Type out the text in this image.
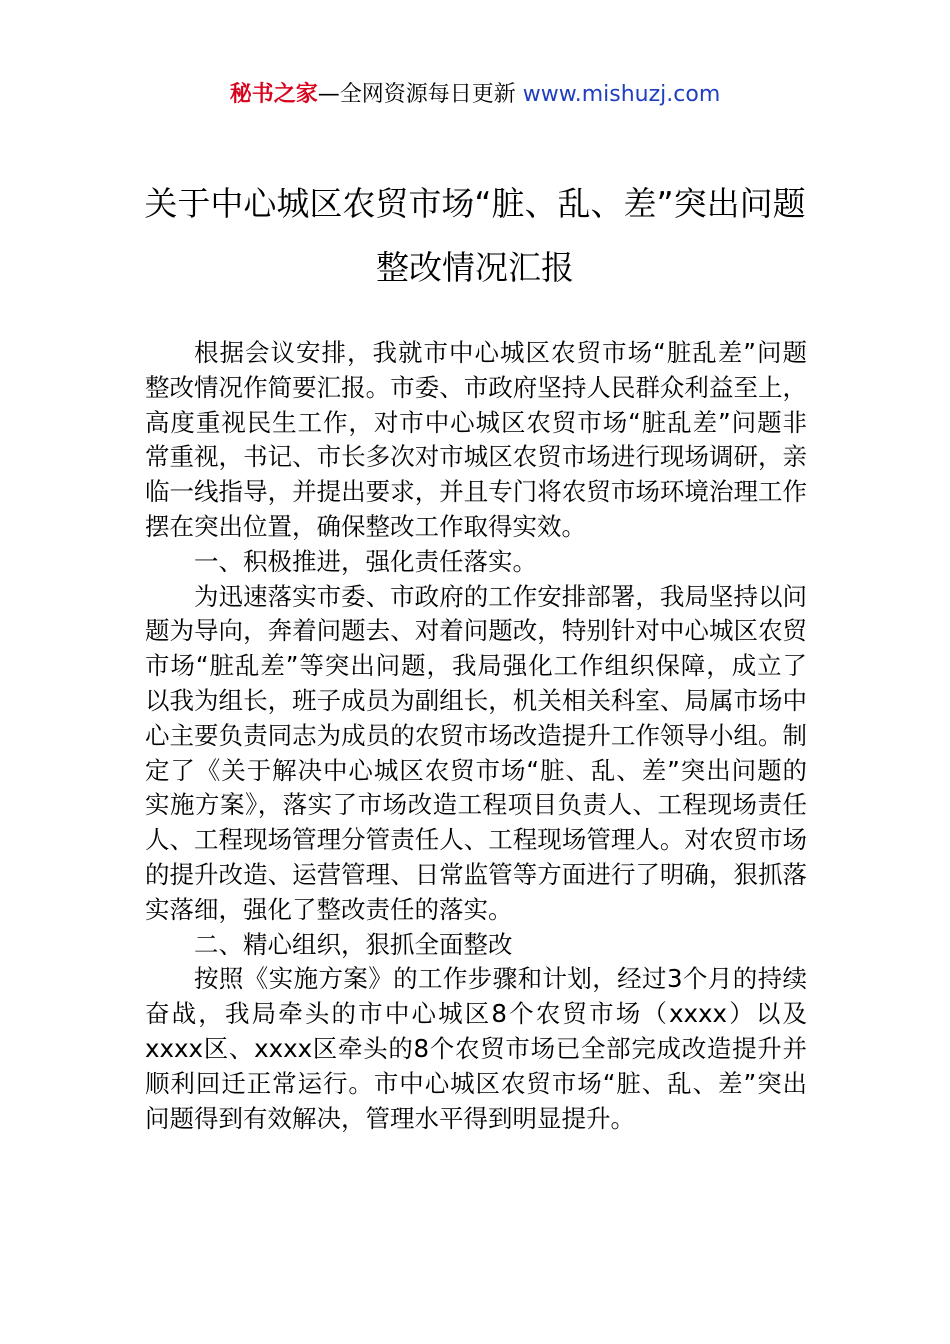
秘书之家—全网资源每日更新 www.mishuzj.com
关于中心城区农贸市场“脏、乱、差”突出问题整改情况汇报

根据会议安排，我就市中心城区农贸市场“脏乱差”问题整改情况作简要汇报。市委、市政府坚持人民群众利益至上，高度重视民生工作，对市中心城区农贸市场“脏乱差”问题非常重视，书记、市长多次对市城区农贸市场进行现场调研，亲临一线指导，并提出要求，并且专门将农贸市场环境治理工作摆在突出位置，确保整改工作取得实效。

一、积极推进，强化责任落实。

为迅速落实市委、市政府的工作安排部署，我局坚持以问题为导向，奔着问题去、对着问题改，特别针对中心城区农贸市场“脏乱差”等突出问题，我局强化工作组织保障，成立了以我为组长，班子成员为副组长，机关相关科室、局属市场中心主要负责同志为成员的农贸市场改造提升工作领导小组。制定了《关于解决中心城区农贸市场“脏、乱、差”突出问题的实施方案》，落实了市场改造工程项目负责人、工程现场责任人、工程现场管理分管责任人、工程现场管理人。对农贸市场的提升改造、运营管理、日常监管等方面进行了明确，狠抓落实落细，强化了整改责任的落实。

二、精心组织，狠抓全面整改

按照《实施方案》的工作步骤和计划，经过3个月的持续奋战，我局牵头的市中心城区8个农贸市场（xxxx）以及xxxx区、xxxx区牵头的8个农贸市场已全部完成改造提升并顺利回迁正常运行。市中心城区农贸市场“脏、乱、差”突出问题得到有效解决，管理水平得到明显提升。
